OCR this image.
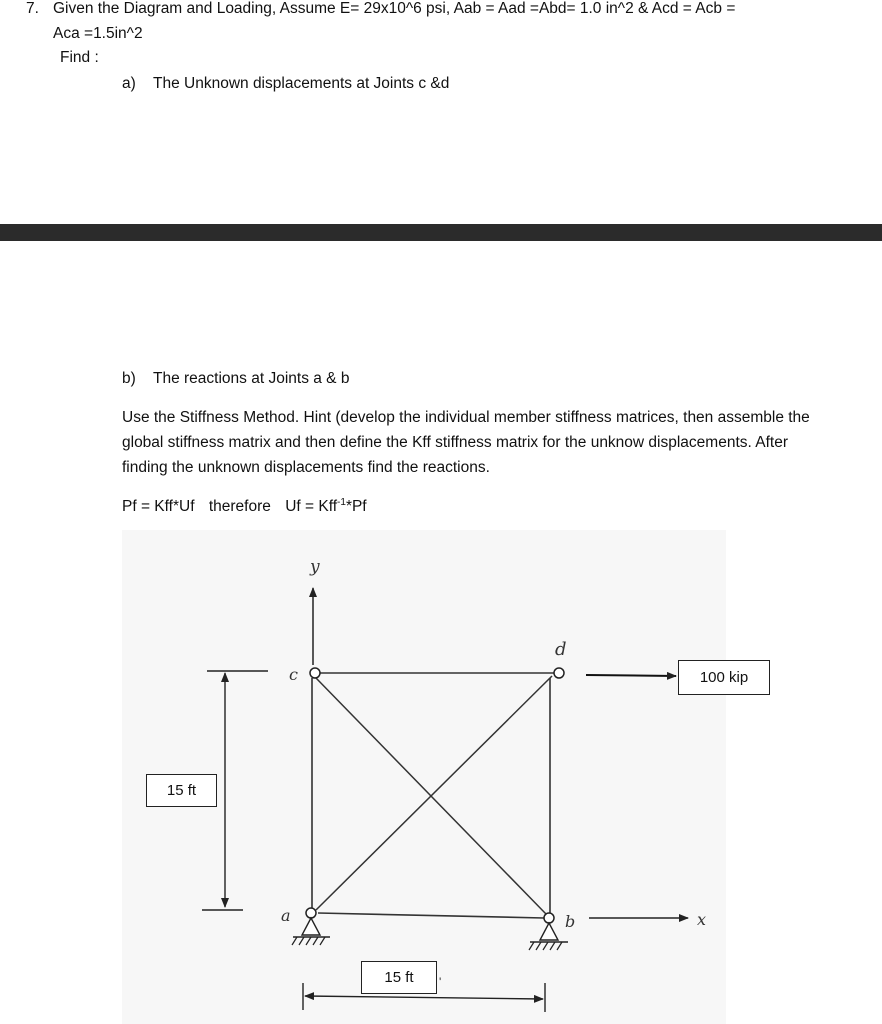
7. Given the Diagram and Loading, Assume E= 29x10^6 psi, Aab = Aad =Abd= 1.0 in^2 & Acd = Acb =
Aca =1.5in^2
Find :
a) The Unknown displacements at Joints c &d
b) The reactions at Joints a & b
Use the Stiffness Method. Hint (develop the individual member stiffness matrices, then assemble the global stiffness matrix and then define the Kff stiffness matrix for the unknow displacements. After finding the unknown displacements find the reactions.
Pf = Kff*Uf therefore Uf = Kff$^{-1}$*Pf
y
c
d
a	b	x
'
100 kip
15 ft
15 ft
